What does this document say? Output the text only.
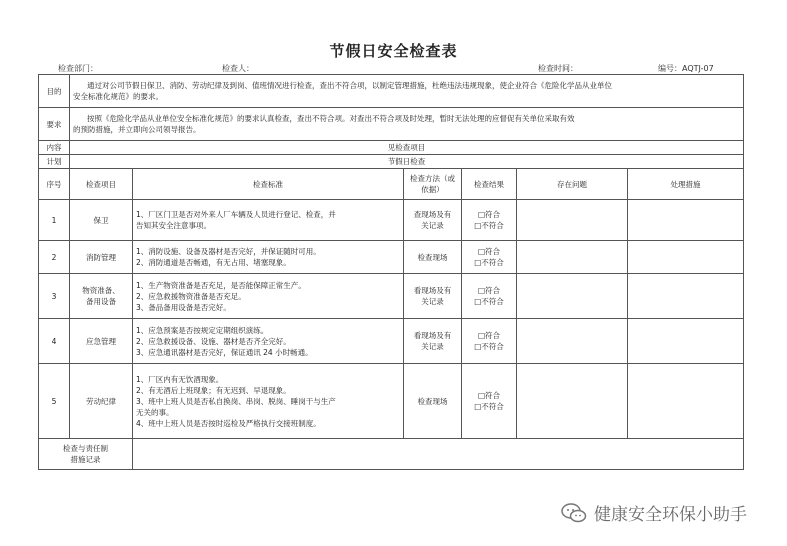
节假日安全检查表
检查部门：	检查人：	检查时间：	编号：AQTJ-07
目的	通过对公司节假日保卫、消防、劳动纪律及到岗、值班情况进行检查，查出不符合项，以制定管理措施，杜绝违法违规现象，使企业符合《危险化学品从业单位
安全标准化规范》的要求。					

要求	按照《危险化学品从业单位安全标准化规范》的要求认真检查，查出不符合项。对查出不符合项及时处理，暂时无法处理的应督促有关单位采取有效
的预防措施，并立即向公司领导报告。					

内容	见检查项目					
计划	节假日检查					
序号	检查项目	检查标准	检查方法（或依据）	检查结果	存在问题	处理措施
1	保卫	1、厂区门卫是否对外来人厂车辆及人员进行登记、检查，并
告知其安全注意事项。	查现场及有
关记录	□符合
□不符合		

2	消防管理	1、消防设施、设备及器材是否完好，并保证随时可用。
2、消防通道是否畅通，有无占用、堵塞现象。	检查现场	□符合
□不符合		

3	物资准备、
备用设备	1、生产物资准备是否充足，是否能保障正常生产。
2、应急救援物资准备是否充足。
3、备品备用设备是否完好。	看现场及有
关记录	□符合
□不符合		

4	应急管理	1、应急预案是否按规定定期组织演练。
2、应急救援设备、设施、器材是否齐全完好。
3、应急通讯器材是否完好，保证通讯 24 小时畅通。	看现场及有
关记录	□符合
□不符合		

5	劳动纪律	1、厂区内有无饮酒现象。
2、有无酒后上班现象；有无迟到、早退现象。
3、班中上班人员是否私自换岗、串岗、脱岗、睡岗干与生产
无关的事。
4、班中上班人员是否按时巡检及严格执行交接班制度。	检查现场	□符合
□不符合		

检查与责任制
措施记录						

健康安全环保小助手
